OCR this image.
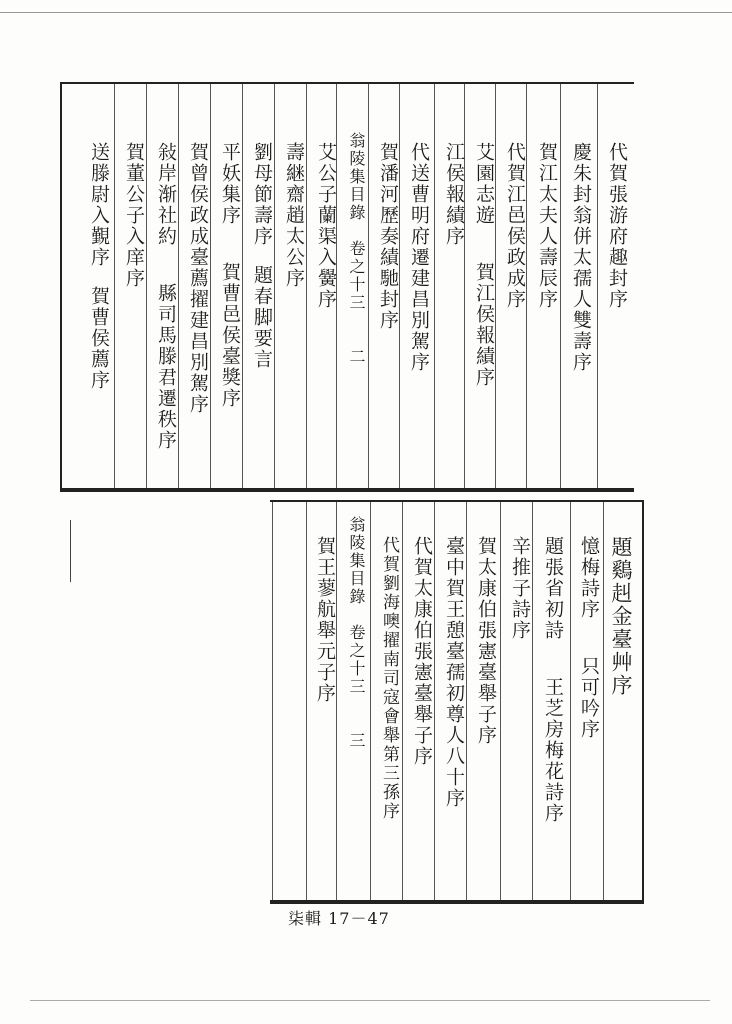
代賀張游府趣封序
慶朱封翁併太孺人雙壽序
賀江太夫人壽辰序
代賀江邑侯政成序
艾園志遊賀江侯報績序
江侯報績序
代送曹明府遷建昌別駕序
賀潘河歷奏績馳封序
翁陵集目錄　卷之十三二
艾公子蘭渠入黌序
壽継齋趙太公序
劉母節壽序題春脚要言
平妖集序賀曹邑侯臺獎序
賀曾侯政成臺薦擢建昌別駕序
敍岸渐社約縣司馬滕君遷秩序
賀董公子入庠序
送滕尉入覲序賀曹侯薦序
題鷄赳金臺艸序
憶梅詩序只可吟序
題張省初詩王芝房梅花詩序
辛推子詩序
賀太康伯張憲臺舉子序
臺中賀王憩臺孺初尊人八十序
代賀太康伯張憲臺舉子序
代賀劉海噢擢南司寇會舉第三孫序
翁陵集目錄　卷之十三三
賀王蓼航舉元子序
柒輯 17－47
